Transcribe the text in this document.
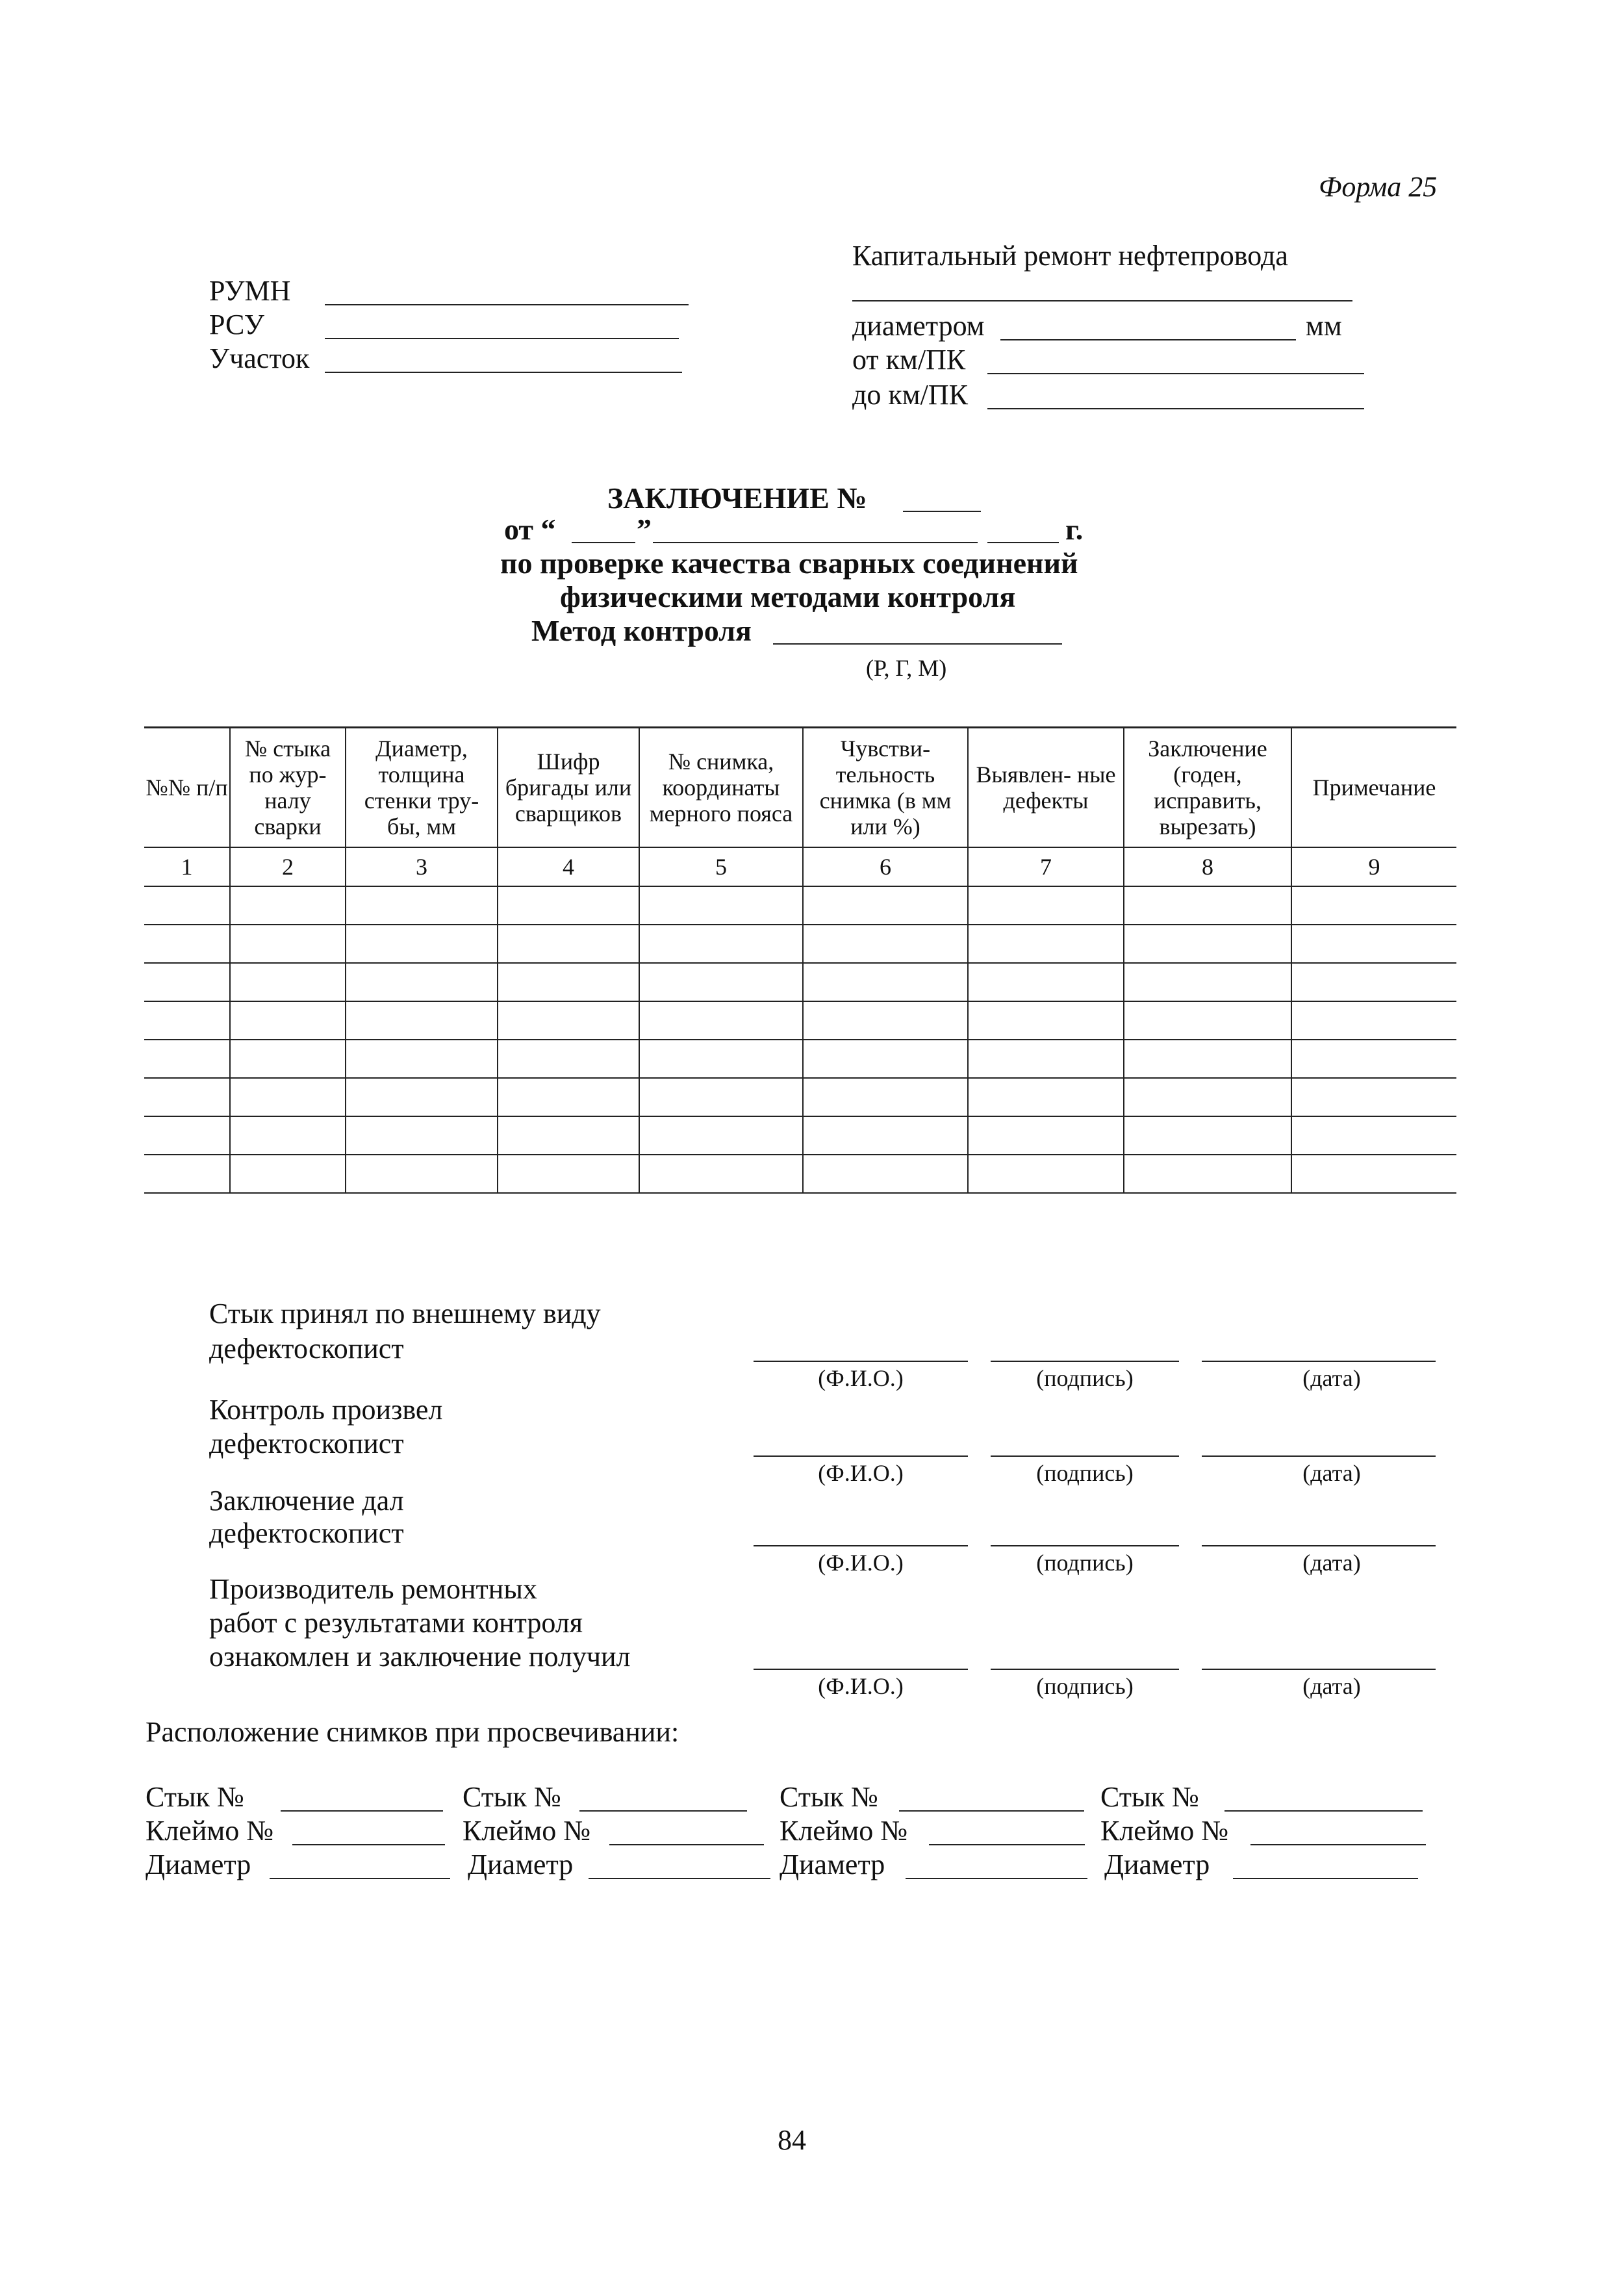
Форма 25
Капитальный ремонт нефтепровода
диаметром	мм
от км/ПК
до км/ПК
РУМН
РСУ
Участок
ЗАКЛЮЧЕНИЕ №
от “	”	г.
по проверке качества сварных соединений
физическими методами контроля
Метод контроля
(Р, Г, М)
№№ п/п	№ стыка по жур- налу сварки	Диаметр, толщина стенки тру- бы, мм	Шифр бригады или сварщиков	№ снимка, координаты мерного пояса	Чувстви- тельность снимка (в мм или %)	Выявлен- ные дефекты	Заключение (годен, исправить, вырезать)	Примечание
1	2	3	4	5	6	7	8	9

Стык принял по внешнему виду
дефектоскопист
(Ф.И.О.)	(подпись)	(дата)
Контроль произвел
дефектоскопист
(Ф.И.О.)	(подпись)	(дата)
Заключение дал
дефектоскопист
(Ф.И.О.)	(подпись)	(дата)
Производитель ремонтных
работ с результатами контроля
ознакомлен и заключение получил
(Ф.И.О.)	(подпись)	(дата)
Расположение снимков при просвечивании:
Стык №
Клеймо №
Диаметр
Стык №
Клеймо №
Диаметр
Стык №
Клеймо №
Диаметр
Стык №
Клеймо №
Диаметр
84
